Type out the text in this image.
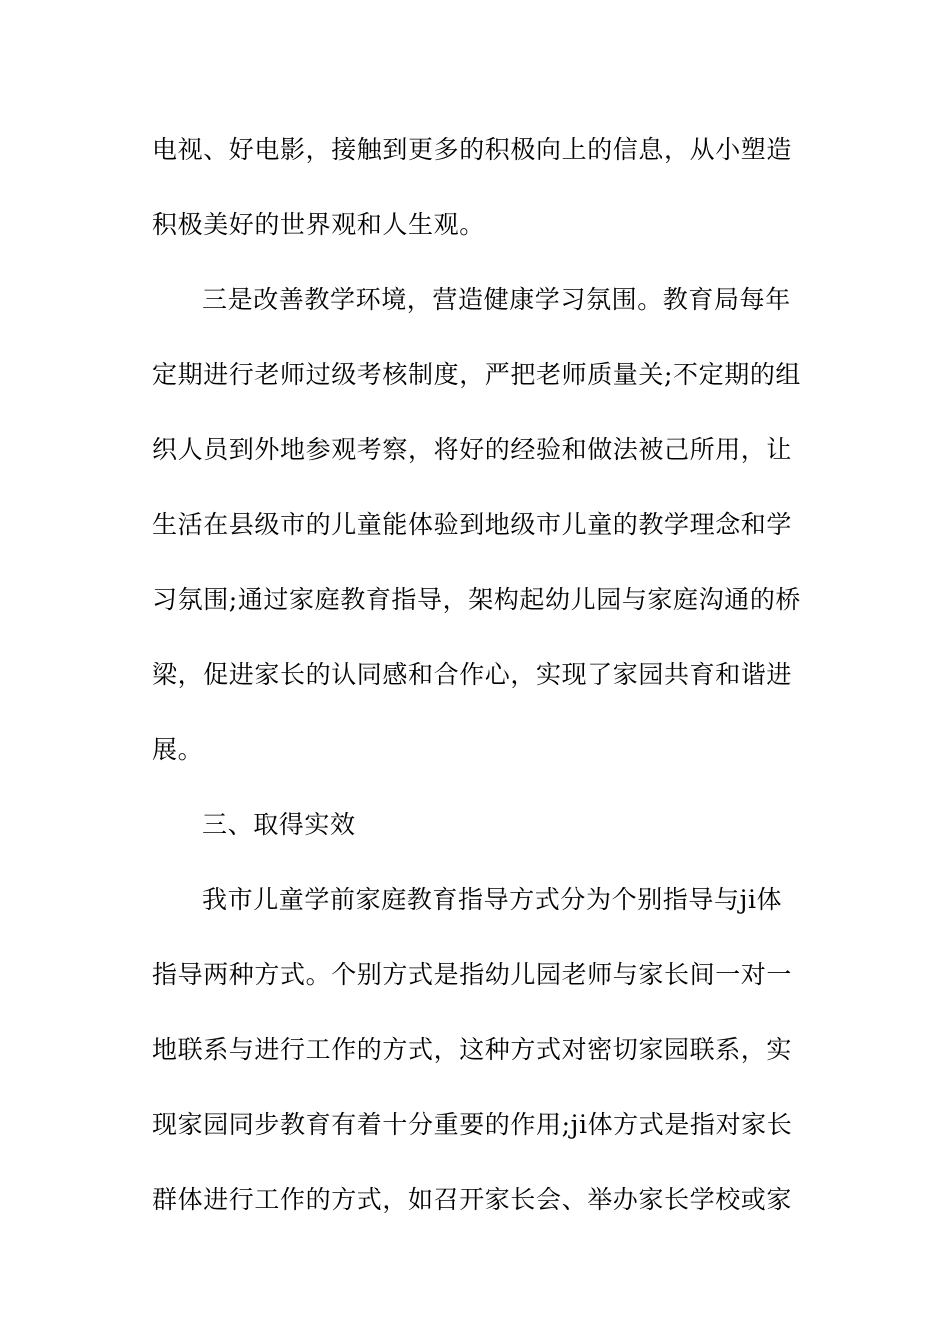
电视、好电影，接触到更多的积极向上的信息，从小塑造
积极美好的世界观和人生观。
三是改善教学环境，营造健康学习氛围。教育局每年
定期进行老师过级考核制度，严把老师质量关;不定期的组
织人员到外地参观考察，将好的经验和做法被己所用，让
生活在县级市的儿童能体验到地级市儿童的教学理念和学
习氛围;通过家庭教育指导，架构起幼儿园与家庭沟通的桥
梁，促进家长的认同感和合作心，实现了家园共育和谐进
展。
三、取得实效
我市儿童学前家庭教育指导方式分为个别指导与ji体
指导两种方式。个别方式是指幼儿园老师与家长间一对一
地联系与进行工作的方式，这种方式对密切家园联系，实
现家园同步教育有着十分重要的作用;ji体方式是指对家长
群体进行工作的方式，如召开家长会、举办家长学校或家
